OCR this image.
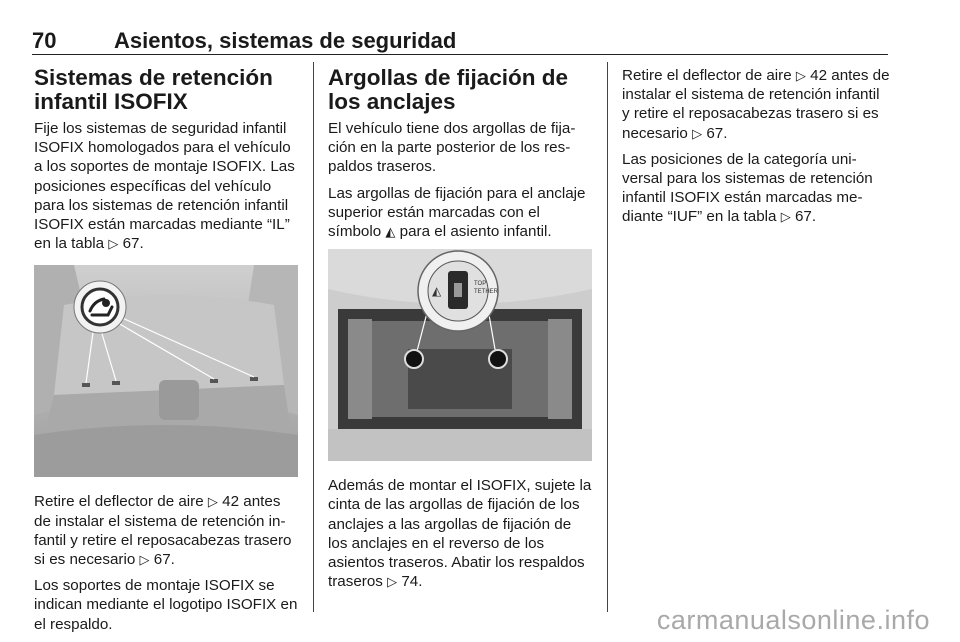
70	Asientos, sistemas de seguridad
Sistemas de retención infantil ISOFIX

Fije los sistemas de seguridad infantil ISOFIX homologados para el vehículo a los soportes de montaje ISOFIX. Las posiciones específicas del vehículo para los sistemas de retención infantil ISOFIX están marcadas mediante “IL” en la tabla ▷ 67.

Retire el deflector de aire ▷ 42 antes de instalar el sistema de retención infantil y retire el reposacabezas trasero si es necesario ▷ 67.

Los soportes de montaje ISOFIX se indican mediante el logotipo ISOFIX en el respaldo.

Argollas de fijación de los anclajes

El vehículo tiene dos argollas de fijación en la parte posterior de los respaldos traseros.

Las argollas de fijación para el anclaje superior están marcadas con el símbolo ◭ para el asiento infantil.

◭	TOP
TETHER

Además de montar el ISOFIX, sujete la cinta de las argollas de fijación de los anclajes a las argollas de fijación de los anclajes en el reverso de los asientos traseros. Abatir los respaldos traseros ▷ 74.

Retire el deflector de aire ▷ 42 antes de instalar el sistema de retención infantil y retire el reposacabezas trasero si es necesario ▷ 67.

Las posiciones de la categoría universal para los sistemas de retención infantil ISOFIX están marcadas mediante “IUF” en la tabla ▷ 67.

carmanualsonline.info
